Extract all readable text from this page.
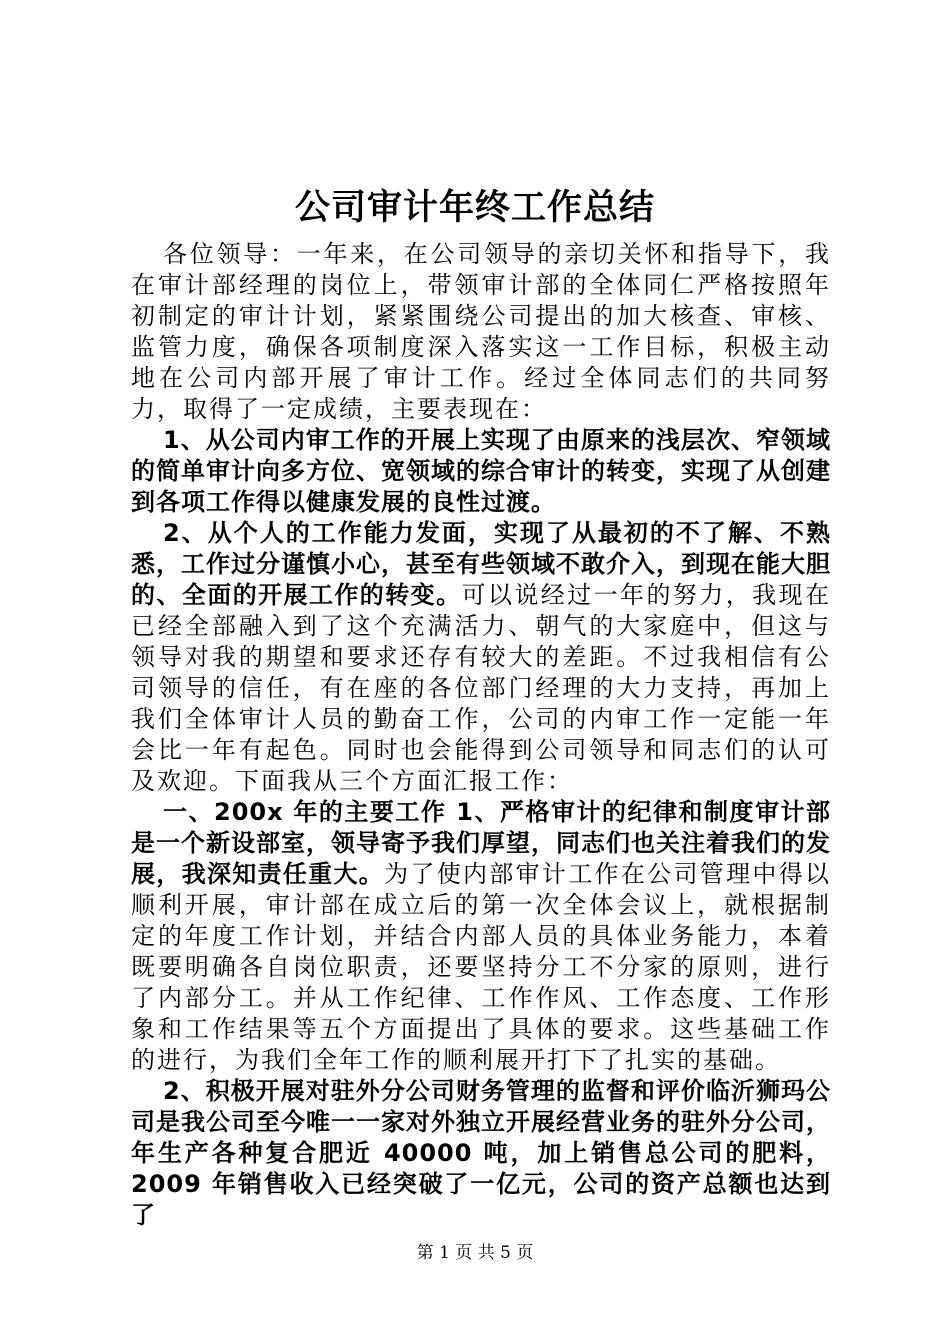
公司审计年终工作总结

各位领导：一年来，在公司领导的亲切关怀和指导下，我在审计部经理的岗位上，带领审计部的全体同仁严格按照年初制定的审计计划，紧紧围绕公司提出的加大核查、审核、监管力度，确保各项制度深入落实这一工作目标，积极主动地在公司内部开展了审计工作。经过全体同志们的共同努力，取得了一定成绩，主要表现在：

1、从公司内审工作的开展上实现了由原来的浅层次、窄领域的简单审计向多方位、宽领域的综合审计的转变，实现了从创建到各项工作得以健康发展的良性过渡。

2、从个人的工作能力发面，实现了从最初的不了解、不熟悉，工作过分谨慎小心，甚至有些领域不敢介入，到现在能大胆的、全面的开展工作的转变。可以说经过一年的努力，我现在已经全部融入到了这个充满活力、朝气的大家庭中，但这与领导对我的期望和要求还存有较大的差距。不过我相信有公司领导的信任，有在座的各位部门经理的大力支持，再加上我们全体审计人员的勤奋工作，公司的内审工作一定能一年会比一年有起色。同时也会能得到公司领导和同志们的认可及欢迎。下面我从三个方面汇报工作：

一、200x 年的主要工作 1、严格审计的纪律和制度审计部是一个新设部室，领导寄予我们厚望，同志们也关注着我们的发展，我深知责任重大。为了使内部审计工作在公司管理中得以顺利开展，审计部在成立后的第一次全体会议上，就根据制定的年度工作计划，并结合内部人员的具体业务能力，本着既要明确各自岗位职责，还要坚持分工不分家的原则，进行了内部分工。并从工作纪律、工作作风、工作态度、工作形象和工作结果等五个方面提出了具体的要求。这些基础工作的进行，为我们全年工作的顺利展开打下了扎实的基础。

2、积极开展对驻外分公司财务管理的监督和评价临沂狮玛公司是我公司至今唯一一家对外独立开展经营业务的驻外分公司，年生产各种复合肥近 40000 吨，加上销售总公司的肥料，2009 年销售收入已经突破了一亿元，公司的资产总额也达到了

第 1 页 共 5 页
